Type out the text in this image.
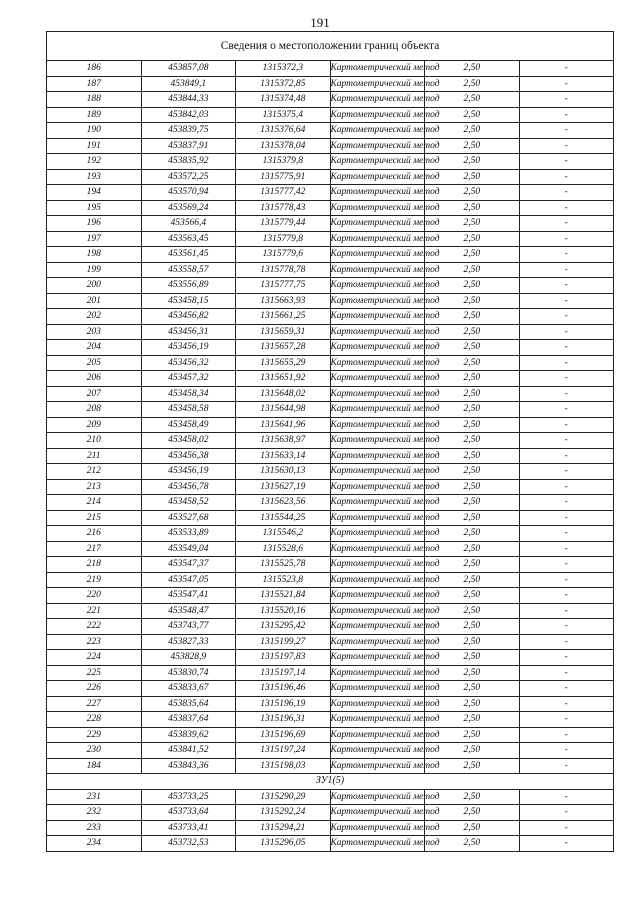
191
Сведения о местоположении границ объекта					
186	453857,08	1315372,3	Картометрический метод	2,50	-
187	453849,1	1315372,85	Картометрический метод	2,50	-
188	453844,33	1315374,48	Картометрический метод	2,50	-
189	453842,03	1315375,4	Картометрический метод	2,50	-
190	453839,75	1315376,64	Картометрический метод	2,50	-
191	453837,91	1315378,04	Картометрический метод	2,50	-
192	453835,92	1315379,8	Картометрический метод	2,50	-
193	453572,25	1315775,91	Картометрический метод	2,50	-
194	453570,94	1315777,42	Картометрический метод	2,50	-
195	453569,24	1315778,43	Картометрический метод	2,50	-
196	453566,4	1315779,44	Картометрический метод	2,50	-
197	453563,45	1315779,8	Картометрический метод	2,50	-
198	453561,45	1315779,6	Картометрический метод	2,50	-
199	453558,57	1315778,78	Картометрический метод	2,50	-
200	453556,89	1315777,75	Картометрический метод	2,50	-
201	453458,15	1315663,93	Картометрический метод	2,50	-
202	453456,82	1315661,25	Картометрический метод	2,50	-
203	453456,31	1315659,31	Картометрический метод	2,50	-
204	453456,19	1315657,28	Картометрический метод	2,50	-
205	453456,32	1315655,29	Картометрический метод	2,50	-
206	453457,32	1315651,92	Картометрический метод	2,50	-
207	453458,34	1315648,02	Картометрический метод	2,50	-
208	453458,58	1315644,98	Картометрический метод	2,50	-
209	453458,49	1315641,96	Картометрический метод	2,50	-
210	453458,02	1315638,97	Картометрический метод	2,50	-
211	453456,38	1315633,14	Картометрический метод	2,50	-
212	453456,19	1315630,13	Картометрический метод	2,50	-
213	453456,78	1315627,19	Картометрический метод	2,50	-
214	453458,52	1315623,56	Картометрический метод	2,50	-
215	453527,68	1315544,25	Картометрический метод	2,50	-
216	453533,89	1315546,2	Картометрический метод	2,50	-
217	453549,04	1315528,6	Картометрический метод	2,50	-
218	453547,37	1315525,78	Картометрический метод	2,50	-
219	453547,05	1315523,8	Картометрический метод	2,50	-
220	453547,41	1315521,84	Картометрический метод	2,50	-
221	453548,47	1315520,16	Картометрический метод	2,50	-
222	453743,77	1315295,42	Картометрический метод	2,50	-
223	453827,33	1315199,27	Картометрический метод	2,50	-
224	453828,9	1315197,83	Картометрический метод	2,50	-
225	453830,74	1315197,14	Картометрический метод	2,50	-
226	453833,67	1315196,46	Картометрический метод	2,50	-
227	453835,64	1315196,19	Картометрический метод	2,50	-
228	453837,64	1315196,31	Картометрический метод	2,50	-
229	453839,62	1315196,69	Картометрический метод	2,50	-
230	453841,52	1315197,24	Картометрический метод	2,50	-
184	453843,36	1315198,03	Картометрический метод	2,50	-
ЗУ1(5)					
231	453733,25	1315290,29	Картометрический метод	2,50	-
232	453733,64	1315292,24	Картометрический метод	2,50	-
233	453733,41	1315294,21	Картометрический метод	2,50	-
234	453732,53	1315296,05	Картометрический метод	2,50	-
